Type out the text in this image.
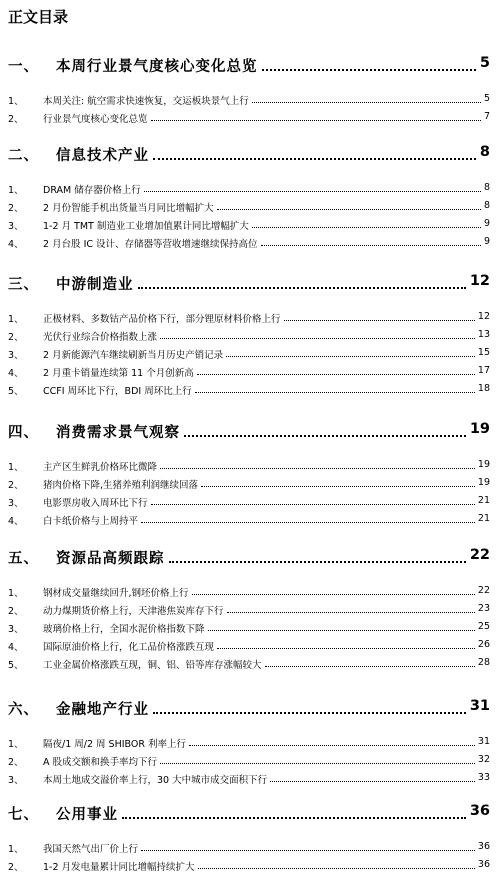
正文目录
一、 本周行业景气度核心变化总览	5
1、 本周关注: 航空需求快速恢复，交运板块景气上行	5
2、 行业景气度核心变化总览	7
二、 信息技术产业	8
1、 DRAM 储存器价格上行	8
2、 2 月份智能手机出货量当月同比增幅扩大	8
3、 1-2 月 TMT 制造业工业增加值累计同比增幅扩大	9
4、 2 月台股 IC 设计、存储器等营收增速继续保持高位	9
三、 中游制造业	12
1、 正极材料、多数钴产品价格下行，部分锂原材料价格上行	12
2、 光伏行业综合价格指数上涨	13
3、 2 月新能源汽车继续刷新当月历史产销记录	15
4、 2 月重卡销量连续第 11 个月创新高	17
5、 CCFI 周环比下行，BDI 周环比上行	18
四、 消费需求景气观察	19
1、 主产区生鲜乳价格环比微降	19
2、 猪肉价格下降,生猪养殖利润继续回落	19
3、 电影票房收入周环比下行	21
4、 白卡纸价格与上周持平	21
五、 资源品高频跟踪	22
1、 钢材成交量继续回升,钢坯价格上行	22
2、 动力煤期货价格上行，天津港焦炭库存下行	23
3、 玻璃价格上行，全国水泥价格指数下降	25
4、 国际原油价格上行，化工品价格涨跌互现	26
5、 工业金属价格涨跌互现，铜、铝、铅等库存涨幅较大	28
六、 金融地产行业	31
1、 隔夜/1 周/2 周 SHIBOR 利率上行	31
2、 A 股成交额和换手率均下行	32
3、 本周土地成交溢价率上行，30 大中城市成交面积下行	33
七、 公用事业	36
1、 我国天然气出厂价上行	36
2、 1-2 月发电量累计同比增幅持续扩大	36
